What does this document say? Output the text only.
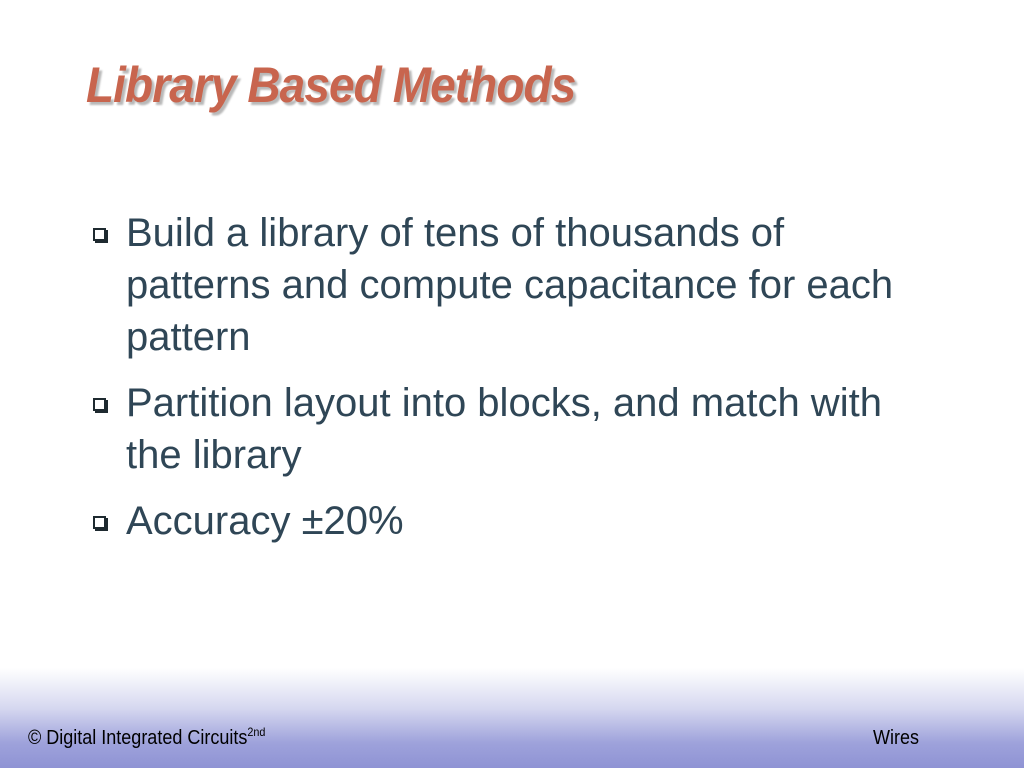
Library Based Methods
Build a library of tens of thousands of patterns and compute capacitance for each pattern
Partition layout into blocks, and match with the library
Accuracy ±20%
© Digital Integrated Circuits$^{2nd}$	Wires
